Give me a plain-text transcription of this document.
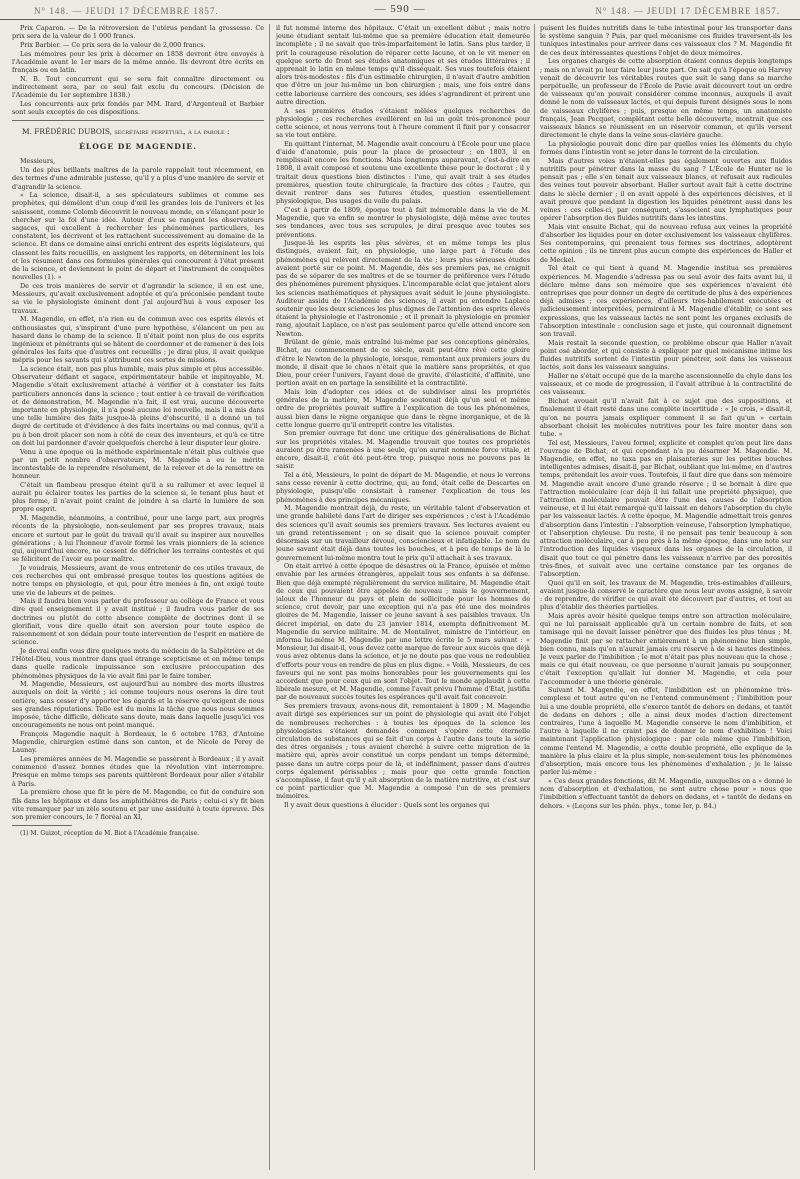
N° 148. — JEUDI 17 DÉCEMBRE 1857.	— 590 —	N° 148. — JEUDI 17 DÉCEMBRE 1857.

Prix Caparon. — De la rétroversion de l'utérus pendant la grossesse. Ce prix sera de la valeur de 1 000 francs.

Prix Barbier. — Ce prix sera de la valeur de 2,000 francs.

Les mémoires pour les prix à décerner en 1858 devront être envoyés à l'Académie avant le 1er mars de la même année. Ils devront être écrits en français ou en latin.

N. B. Tout concurrent qui se sera fait connaître directement ou indirectement sera, par ce seul fait exclu du concours. (Décision de l'Académie du 1er septembre 1838.)

Les concurrents aux prix fondés par MM. Itard, d'Argenteuil et Barbier sont seuls exceptés de ces dispositions.

M. FRÉDÉRIC DUBOIS, secrétaire perpétuel, a la parole :

ÉLOGE DE MAGENDIE.

Messieurs,

Un des plus brillants maîtres de la parole rappelait tout récemment, en des termes d'une admirable justesse, qu'il y a plus d'une manière de servir et d'agrandir la science.

« La science, disait-il, a ses spéculateurs sublimes et comme ses prophètes, qui démêlent d'un coup d'œil les grandes lois de l'univers et les saisissent, comme Colomb découvrit le nouveau monde, en s'élançant pour le chercher sur la foi d'une idée. Autour d'eux se rangent les observateurs sagaces, qui excellent à rechercher les phénomènes particuliers, les constatent, les décrivent et les rattachent successivement au domaine de la science. Et dans ce domaine ainsi enrichi entrent des esprits législateurs, qui classent les faits recueillis, en assignent les rapports, en déterminent les lois et les résument dans ces formules générales qui concourent à l'état présent de la science, et deviennent le point de départ et l'instrument de conquêtes nouvelles (1). »

De ces trois manières de servir et d'agrandir la science, il en est une, Messieurs, qu'avait exclusivement adoptée et qu'a préconisée pendant toute sa vie le physiologiste éminent dont j'ai aujourd'hui à vous exposer les travaux.

M. Magendie, en effet, n'a rien eu de commun avec ces esprits élevés et enthousiastes qui, s'inspirant d'une pure hypothèse, s'élancent un peu au hasard dans le champ de la science. Il n'était point non plus de ces esprits ingénieux et pénétrants qui se hâtent de coordonner et de ramener à des lois générales les faits que d'autres ont recueillis ; je dirai plus, il avait quelque mépris pour les savants qui s'attribuent ces sortes de missions.

La science était, non pas plus humble, mais plus simple et plus accessible. Observateur défiant et sagace, expérimentateur habile et impitoyable, M. Magendie s'était exclusivement attaché à vérifier et à constater les faits particuliers annoncés dans la science ; tout entier à ce travail de vérification et de démonstration, M. Magendie n'a fait, il est vrai, aucune découverte importante en physiologie, il n'a posé aucune loi nouvelle, mais il a mis dans une telle lumière des faits jusque-là pleins d'obscurité, il a donné un tel degré de certitude et d'évidence à des faits incertains ou mal connus, qu'il a pu à bon droit placer son nom à côté de ceux des inventeurs, et qu'à ce titre on doit lui pardonner d'avoir quelquefois cherché à leur disputer leur gloire.

Venu à une époque où la méthode expérimentale n'était plus cultivée que par un petit nombre d'observateurs, M. Magendie a eu le mérite incontestable de la reprendre résolument, de la relever et de la remettre en honneur.

C'était un flambeau presque éteint qu'il a su rallumer et avec lequel il aurait pu éclairer toutes les parties de la science si, le tenant plus haut et plus ferme, il n'avait point craint de joindre à sa clarté la lumière de son propre esprit.

M. Magendie, néanmoins, a contribué, pour une large part, aux progrès récents de la physiologie, non-seulement par ses propres travaux, mais encore et surtout par le goût du travail qu'il avait su inspirer aux nouvelles générations ; à lui l'honneur d'avoir formé les vrais pionniers de la science qui, aujourd'hui encore, ne cessent de défricher les terrains contestés et qui se félicitent de l'avoir eu pour maître.

Je voudrais, Messieurs, avant de vous entretenir de ces utiles travaux, de ces recherches qui ont embrassé presque toutes les questions agitées de notre temps en physiologie, et qui, pour être menées à fin, ont exigé toute une vie de labeurs et de peines.

Mais il faudra bien vous parler du professeur au collège de France et vous dire quel enseignement il y avait institué ; il faudra vous parler de ses doctrines ou plutôt de cette absence complète de doctrines dont il se glorifiait, vous dire quelle était son aversion pour toute espèce de raisonnement et son dédain pour toute intervention de l'esprit en matière de science.

Je devrai enfin vous dire quelques mots du médecin de la Salpêtrière et de l'Hôtel-Dieu, vous montrer dans quel étrange scepticisme et en même temps dans quelle radicale impuissance son exclusive préoccupation des phénomènes physiques de la vie avait fini par le faire tomber.

M. Magendie, Messieurs, est aujourd'hui au nombre des morts illustres auxquels on doit la vérité ; ici comme toujours nous oserons la dire tout entière, sans cesser d'y apporter les égards et la réserve qu'exigent de nous ses grandes réputations. Telle est du moins la tâche que nous nous sommes imposée, tâche difficile, délicate sans doute, mais dans laquelle jusqu'ici vos encouragements ne nous ont point manqué.

François Magendie naquit à Bordeaux, le 6 octobre 1783, d'Antoine Magendie, chirurgien estimé dans son canton, et de Nicole de Perey de Launay.

Les premières années de M. Magendie se passèrent à Bordeaux ; il y avait commencé d'assez bonnes études que la révolution vint interrompre. Presque en même temps ses parents quittèrent Bordeaux pour aller s'établir à Paris.

La première chose que fit le père de M. Magendie, ce fut de conduire son fils dans les hôpitaux et dans les amphithéâtres de Paris ; celui-ci s'y fit bien vite remarquer par un zèle soutenu et par une assiduité à toute épreuve. Dès son premier concours, le 7 floréal an XI,

(1) M. Guizot, réception de M. Biot à l'Académie française.

il fut nommé interne des hôpitaux. C'était un excellent début ; mais notre jeune étudiant sentait lui-même que sa première éducation était demeurée incomplète ; il ne savait que très-imparfaitement le latin. Sans plus tarder, il prit la courageuse résolution de réparer cette lacune, et on le vit mener en quelque sorte de front ses études anatomiques et ses études littéraires ; il apprenait le latin en même temps qu'il disséquait. Ses vues toutefois étaient alors très-modestes : fils d'un estimable chirurgien, il n'avait d'autre ambition que d'être un jour lui-même un bon chirurgien ; mais, une fois entré dans cette laborieuse carrière des concours, ses idées s'agrandirent et prirent une autre direction.

A ses premières études s'étaient mêlées quelques recherches de physiologie ; ces recherches éveillèrent en lui un goût très-prononcé pour cette science, et nous verrons tout à l'heure comment il finit par y consacrer sa vie tout entière.

En quittant l'internat, M. Magendie avait concouru à l'École pour une place d'aide d'anatomie, puis pour la place de prosecteur ; en 1803, il en remplissait encore les fonctions. Mais longtemps auparavant, c'est-à-dire en 1808, il avait composé et soutenu une excellente thèse pour le doctorat ; il y traitait deux questions bien distinctes : l'une, qui avait trait à ses études premières, question toute chirurgicale, la fracture des côtes ; l'autre, qui devait rentrer dans ses futures études, question essentiellement physiologique, Des usages du voile du palais.

C'est à partir de 1809, époque tout à fait mémorable dans la vie de M. Magendie, que va enfin se montrer le physiologiste, déjà même avec toutes ses tendances, avec tous ses scrupules, je dirai presque avec toutes ses préventions.

Jusque-là les esprits les plus sévères, et en même temps les plus distingués, avaient fait, en physiologie, une large part à l'étude des phénomènes qui relèvent directement de la vie ; leurs plus sérieuses études avaient porté sur ce point. M. Magendie, dès ses premiers pas, ne craignit pas de se séparer de ses maîtres et de se tourner de préférence vers l'étude des phénomènes purement physiques. L'incomparable éclat que jetaient alors les sciences mathématiques et physiques avait séduit le jeune physiologiste. Auditeur assidu de l'Académie des sciences, il avait pu entendre Laplace soutenir que les deux sciences les plus dignes de l'attention des esprits élevés étaient la physiologie et l'astronomie ; et il prenait la physiologie en premier rang, ajoutait Laplace, ce n'est pas seulement parce qu'elle attend encore son Newton.

Brûlant de génie, mais entraîné lui-même par ses conceptions générales, Bichat, au commencement de ce siècle, avait peut-être rêvé cette gloire d'être le Newton de la physiologie, lorsque, remontant aux premiers jours du monde, il disait que le chaos n'était que la matière sans propriétés, et que Dieu, pour créer l'univers, l'ayant doué de gravité, d'élasticité, d'affinité, une portion avait en en partage la sensibilité et la contractilité.

Mais loin d'adopter ces idées et de subdiviser ainsi les propriétés générales de la matière, M. Magendie soutenait déjà qu'un seul et même ordre de propriétés pouvait suffire à l'explication de tous les phénomènes, aussi bien dans le règne organique que dans le règne inorganique, et de là cette longue guerre qu'il entreprit contre les vitalistes.

Son premier ouvrage fut donc une critique des généralisations de Bichat sur les propriétés vitales. M. Magendie trouvait que toutes ces propriétés auraient pu être ramenées à une seule, qu'on aurait nommée force vitale, et encore, disait-il, c'eût été peut-être trop, puisque nous ne pouvons pas la saisir.

Tel a été, Messieurs, le point de départ de M. Magendie, et nous le verrons sans cesse revenir à cette doctrine, qui, au fond, était celle de Descartes en physiologie, puisqu'elle consistait à ramener l'explication de tous les phénomènes à des principes mécaniques.

M. Magendie montrait déjà, du reste, un véritable talent d'observation et une grande habileté dans l'art de diriger ses expériences ; c'est à l'Académie des sciences qu'il avait soumis ses premiers travaux. Ses lectures avaient eu un grand retentissement ; on se disait que la science pouvait compter désormais sur un travailleur dévoué, consciencieux et infatigable. Le nom du jeune savant était déjà dans toutes les bouches, et à peu de temps de là le gouvernement lui-même montra tout le prix qu'il attachait à ses travaux.

On était arrivé à cette époque de désastres où la France, épuisée et même envahie par les armées étrangères, appelait tous ses enfants à sa défense. Bien que déjà exempté régulièrement du service militaire, M. Magendie était de ceux qui pouvaient être appelés de nouveau ; mais le gouvernement, jaloux de l'honneur du pays et plein de sollicitude pour les hommes de science, crut devoir, par une exception qui n'a pas été une des moindres gloires de M. Magendie, laisser ce jeune savant à ses paisibles travaux. Un décret impérial, en date du 23 janvier 1814, exempta définitivement M. Magendie du service militaire. M. de Montalivet, ministre de l'intérieur, en informa lui-même M. Magendie par une lettre écrite le 5 mars suivant : « Monsieur, lui disait-il, vous devez cette marque de faveur aux succès que déjà vous avez obtenus dans la science, et je ne doute pas que vous ne redoubliez d'efforts pour vous en rendre de plus en plus digne. » Voilà, Messieurs, de ces faveurs qui ne sont pas moins honorables pour les gouvernements qui les accordent que pour ceux qui en sont l'objet. Tout le monde applaudit à cette libérale mesure, et M. Magendie, comme l'avait prévu l'homme d'État, justifia par de nouveaux succès toutes les espérances qu'il avait fait concevoir.

Ses premiers travaux, avons-nous dit, remontaient à 1809 ; M. Magendie avait dirigé ses expériences sur un point de physiologie qui avait été l'objet de nombreuses recherches : à toutes les époques de la science les physiologistes s'étaient demandés comment s'opère cette éternelle circulation de substances qui se fait d'un corps à l'autre dans toute la série des êtres organisés ; tous avaient cherché à suivre cette migration de la matière qui, après avoir constitué un corps pendant un temps déterminé, passe dans un autre corps pour de là, et indéfiniment, passer dans d'autres corps également périssables ; mais pour que cette grande fonction s'accomplisse, il faut qu'il y ait absorption de la matière nutritive, et c'est sur ce point particulier que M. Magendie a composé l'un de ses premiers mémoires.

Il y avait deux questions à élucider : Quels sont les organes qui

puisent les fluides nutritifs dans le tube intestinal pour les transporter dans le système sanguin ? Puis, par quel mécanisme ces fluides traversent-ils les tuniques intestinales pour arriver dans ces vaisseaux clos ? M. Magendie fit de ces deux intéressantes questions l'objet de deux mémoires.

Les organes chargés de cette absorption étaient connus depuis longtemps ; mais on n'avait pu leur faire leur juste part. On sait qu'à l'époque où Harvey venait de découvrir les véritables routes que suit le sang dans sa marche perpétuelle, un professeur de l'École de Pavie avait découvert tout un ordre de vaisseaux qu'on pouvait considérer comme inconnus, auxquels il avait donné le nom de vaisseaux lactés, et qui depuis furent désignés sous le nom de vaisseaux chylifères ; puis, presque en même temps, un anatomiste français, Jean Pecquet, complétant cette belle découverte, montrait que ces vaisseaux blancs se réunissent en un réservoir commun, et qu'ils versent directement le chyle dans la veine sous-clavière gauche.

La physiologie pouvait donc dire par quelles voies les éléments du chyle formés dans l'intestin vont se jeter dans le torrent de la circulation.

Mais d'autres voies n'étaient-elles pas également ouvertes aux fluides nutritifs pour pénétrer dans la masse du sang ? L'École de Hunter ne le pensait pas ; elle s'en tenait aux vaisseaux blancs, et refusait aux radicules des veines tout pouvoir absorbant. Haller surtout avait fait à cette doctrine dans le siècle dernier ; il en avait appelé à des expériences décisives, et il avait prouvé que pendant la digestion les liquides pénètrent aussi dans les veines : ces celles-ci, par conséquent, s'associent aux lymphatiques pour opérer l'absorption des fluides nutritifs dans les intestins.

Mais vint ensuite Bichat, qui de nouveau refusa aux veines la propriété d'absorber les liquides pour en doter exclusivement les vaisseaux chylifères. Ses contemporains, qui prenaient tous fermes ses doctrines, adoptèrent cette opinion ; ils ne tinrent plus aucun compte des expériences de Haller et de Meckel.

Tel était ce qui tient à quand M. Magendie institua ses premières expériences. M. Magendie s'adressa pas ou seul avoir des faits avant lui, il déclare même dans son mémoire que ses expériences n'avaient été entreprises que pour donner un degré de certitude de plus à des expériences déjà admises ; ces expériences, d'ailleurs très-habilement exécutées et judicieusement interprétées, permirent à M. Magendie d'établir, ce sont ses expressions, que les vaisseaux lactés ne sont point les organes exclusifs de l'absorption intestinale : conclusion sage et juste, qui couronnait dignement son travail.

Mais restait la seconde question, ce problème obscur que Haller n'avait point osé aborder, et qui consiste à expliquer par quel mécanisme intime les fluides nutritifs sortent de l'intestin pour pénétrer, soit dans les vaisseaux lactés, soit dans les vaisseaux sanguins.

Haller ne s'était occupé que de la marche ascensionnelle du chyle dans les vaisseaux, et ce mode de progression, il l'avait attribué à la contractilité de ces vaisseaux.

Bichat avouait qu'il n'avait fait à ce sujet que des suppositions, et finalement il était resté dans une complète incertitude : « Je crois, » disait-il, qu'on ne pourra jamais expliquer comment il se fait qu'un » certain absorbant choisit les molécules nutritives pour les faire monter dans son tube. »

Tel est, Messieurs, l'aveu formel, explicite et complet qu'on peut lire dans l'ouvrage de Bichat, et qui cependant n'a pu désarmer M. Magendie. M. Magendie, en effet, ne taxa pas en plaisanteries sur les petites bouches intelligentes admises, disait-il, par Bichat, oubliant que lui-même, en d'autres temps, prétendait les avoir vues. Toutefois, il faut dire que dans son mémoire M. Magendie avait encore d'une grande réserve ; il se bornait à dire que l'attraction moléculaire (car déjà il lui fallait une propriété physique), que l'attraction moléculaire pouvait être l'une des causes de l'absorption veineuse, et il lui était remarqué qu'il laissait en dehors l'absorption du chyle par les vaisseaux lactés. A cette époque, M. Magendie admettait trois genres d'absorption dans l'intestin : l'absorption veineuse, l'absorption lymphatique, et l'absorption chyleuse. Du reste, il ne pensait pas tenir beaucoup à son attraction moléculaire, car à peu près à la même époque, dans une note sur l'introduction des liquides visqueux dans les organes de la circulation, il disait que tout ce qui pénètre dans les vaisseaux n'arrive par des porosités très-fines, et suivait avec une certaine constance par les organes de l'absorption.

Quoi qu'il en soit, les travaux de M. Magendie, très-estimables d'ailleurs, avaient jusque-là conservé le caractère que nous leur avons assigné, à savoir : de reprendre, de vérifier ce qui avait été découvert par d'autres, et tout au plus d'établir des théories partielles.

Mais après avoir hésité quelque temps entre son attraction moléculaire, qui ne lui paraissait applicable qu'à un certain nombre de faits, et son tamisage qui ne devait laisser pénétrer que des fluides les plus ténus ; M. Magendie finit par se rattacher entièrement à un phénomène bien simple, bien connu, mais qu'on n'aurait jamais cru réservé à de si hautes destinées. Je veux parler de l'imbibition ; le mot n'était pas plus nouveau que la chose ; mais ce qui était nouveau, ce que personne n'aurait jamais pu soupçonner, c'était l'exception qu'allait lui donner M. Magendie, et cela pour l'accommoder à une théorie générale.

Suivant M. Magendie, en effet, l'imbibition est un phénomène très-complexe et tout autre qu'on ne l'entend communément ; l'imbibition pour lui a une double propriété, elle s'exerce tantôt de dehors en dedans, et tantôt de dedans en dehors ; elle a ainsi deux modes d'action directement contraires, l'une à laquelle M. Magendie conserve le nom d'imbibition, et l'autre à laquelle il ne craint pas de donner le nom d'exhibition ! Voici maintenant l'application physiologique : par cela même que l'imbibition, comme l'entend M. Magendie, a cette double propriété, elle explique de la manière la plus claire et la plus simple, non-seulement tous les phénomènes d'absorption, mais encore tous les phénomènes d'exhalation ; je le laisse parler lui-même :

« Ces deux grandes fonctions, dit M. Magendie, auxquelles on a » donné le nom d'absorption et d'exhalation, ne sont autre chose pour » nous que l'imbibition s'effectuant tantôt de dehors en dedans, et » tantôt de dedans en dehors. » (Leçons sur les phén. phys., tome Ier, p. 84.)
